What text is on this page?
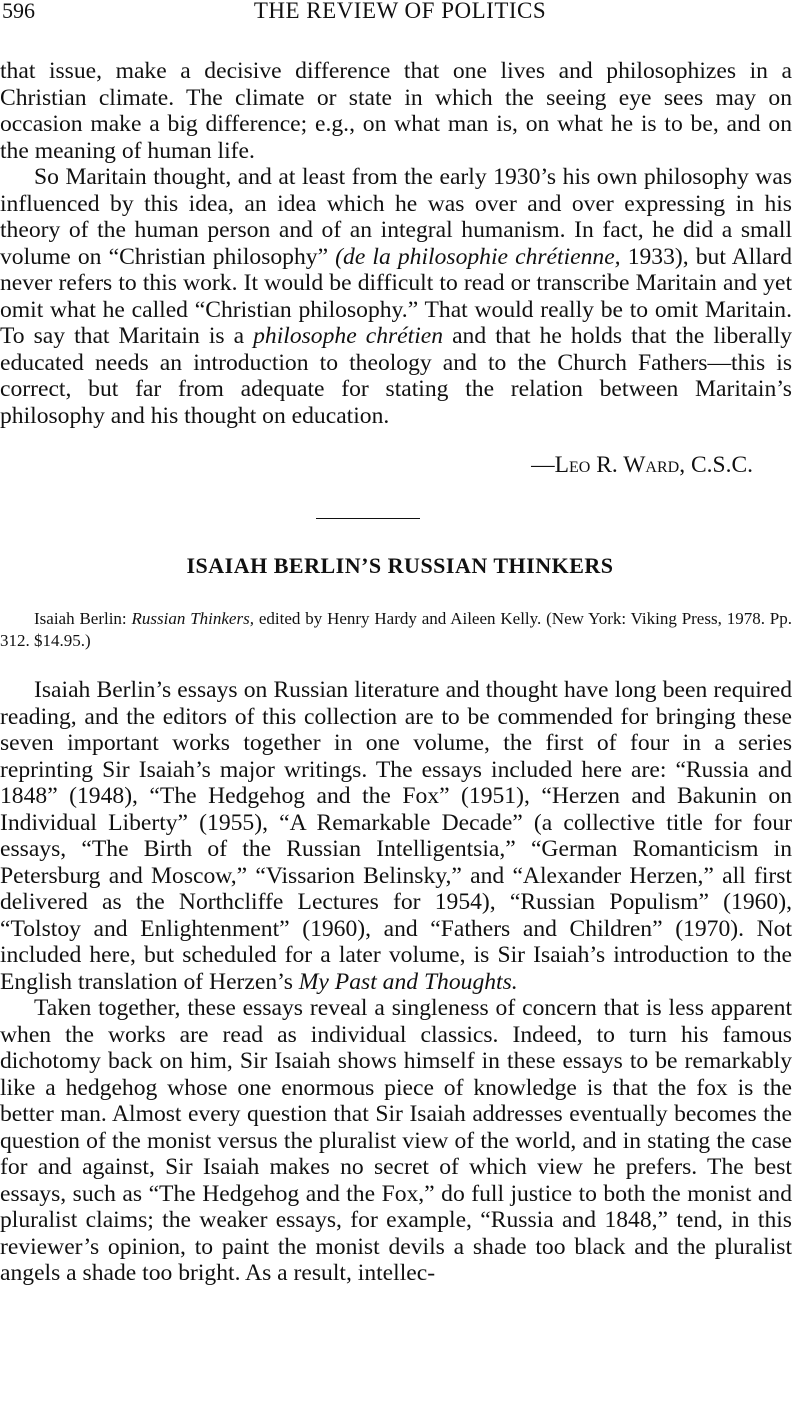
596	THE REVIEW OF POLITICS

that issue, make a decisive difference that one lives and philosophizes in a Christian climate. The climate or state in which the seeing eye sees may on occasion make a big difference; e.g., on what man is, on what he is to be, and on the meaning of human life.

So Maritain thought, and at least from the early 1930’s his own philosophy was influenced by this idea, an idea which he was over and over expressing in his theory of the human person and of an integral humanism. In fact, he did a small volume on “Christian philosophy” (de la philosophie chrétienne, 1933), but Allard never refers to this work. It would be difficult to read or transcribe Maritain and yet omit what he called “Christian philosophy.” That would really be to omit Maritain. To say that Maritain is a philosophe chrétien and that he holds that the liberally educated needs an introduction to theology and to the Church Fathers—this is correct, but far from adequate for stating the relation between Maritain’s philosophy and his thought on education.

—Leo R. Ward, C.S.C.
ISAIAH BERLIN’S RUSSIAN THINKERS
Isaiah Berlin: Russian Thinkers, edited by Henry Hardy and Aileen Kelly. (New York: Viking Press, 1978. Pp. 312. $14.95.)

Isaiah Berlin’s essays on Russian literature and thought have long been required reading, and the editors of this collection are to be commended for bringing these seven important works together in one volume, the first of four in a series reprinting Sir Isaiah’s major writings. The essays included here are: “Russia and 1848” (1948), “The Hedgehog and the Fox” (1951), “Herzen and Bakunin on Individual Liberty” (1955), “A Remarkable Decade” (a collective title for four essays, “The Birth of the Russian Intelligentsia,” “German Romanticism in Petersburg and Moscow,” “Vissarion Belinsky,” and “Alexander Herzen,” all first delivered as the Northcliffe Lectures for 1954), “Russian Populism” (1960), “Tolstoy and Enlightenment” (1960), and “Fathers and Children” (1970). Not included here, but scheduled for a later volume, is Sir Isaiah’s introduction to the English translation of Herzen’s My Past and Thoughts.

Taken together, these essays reveal a singleness of concern that is less apparent when the works are read as individual classics. Indeed, to turn his famous dichotomy back on him, Sir Isaiah shows himself in these essays to be remarkably like a hedgehog whose one enormous piece of knowledge is that the fox is the better man. Almost every question that Sir Isaiah addresses eventually becomes the question of the monist versus the pluralist view of the world, and in stating the case for and against, Sir Isaiah makes no secret of which view he prefers. The best essays, such as “The Hedgehog and the Fox,” do full justice to both the monist and pluralist claims; the weaker essays, for example, “Russia and 1848,” tend, in this reviewer’s opinion, to paint the monist devils a shade too black and the pluralist angels a shade too bright. As a result, intellec-
